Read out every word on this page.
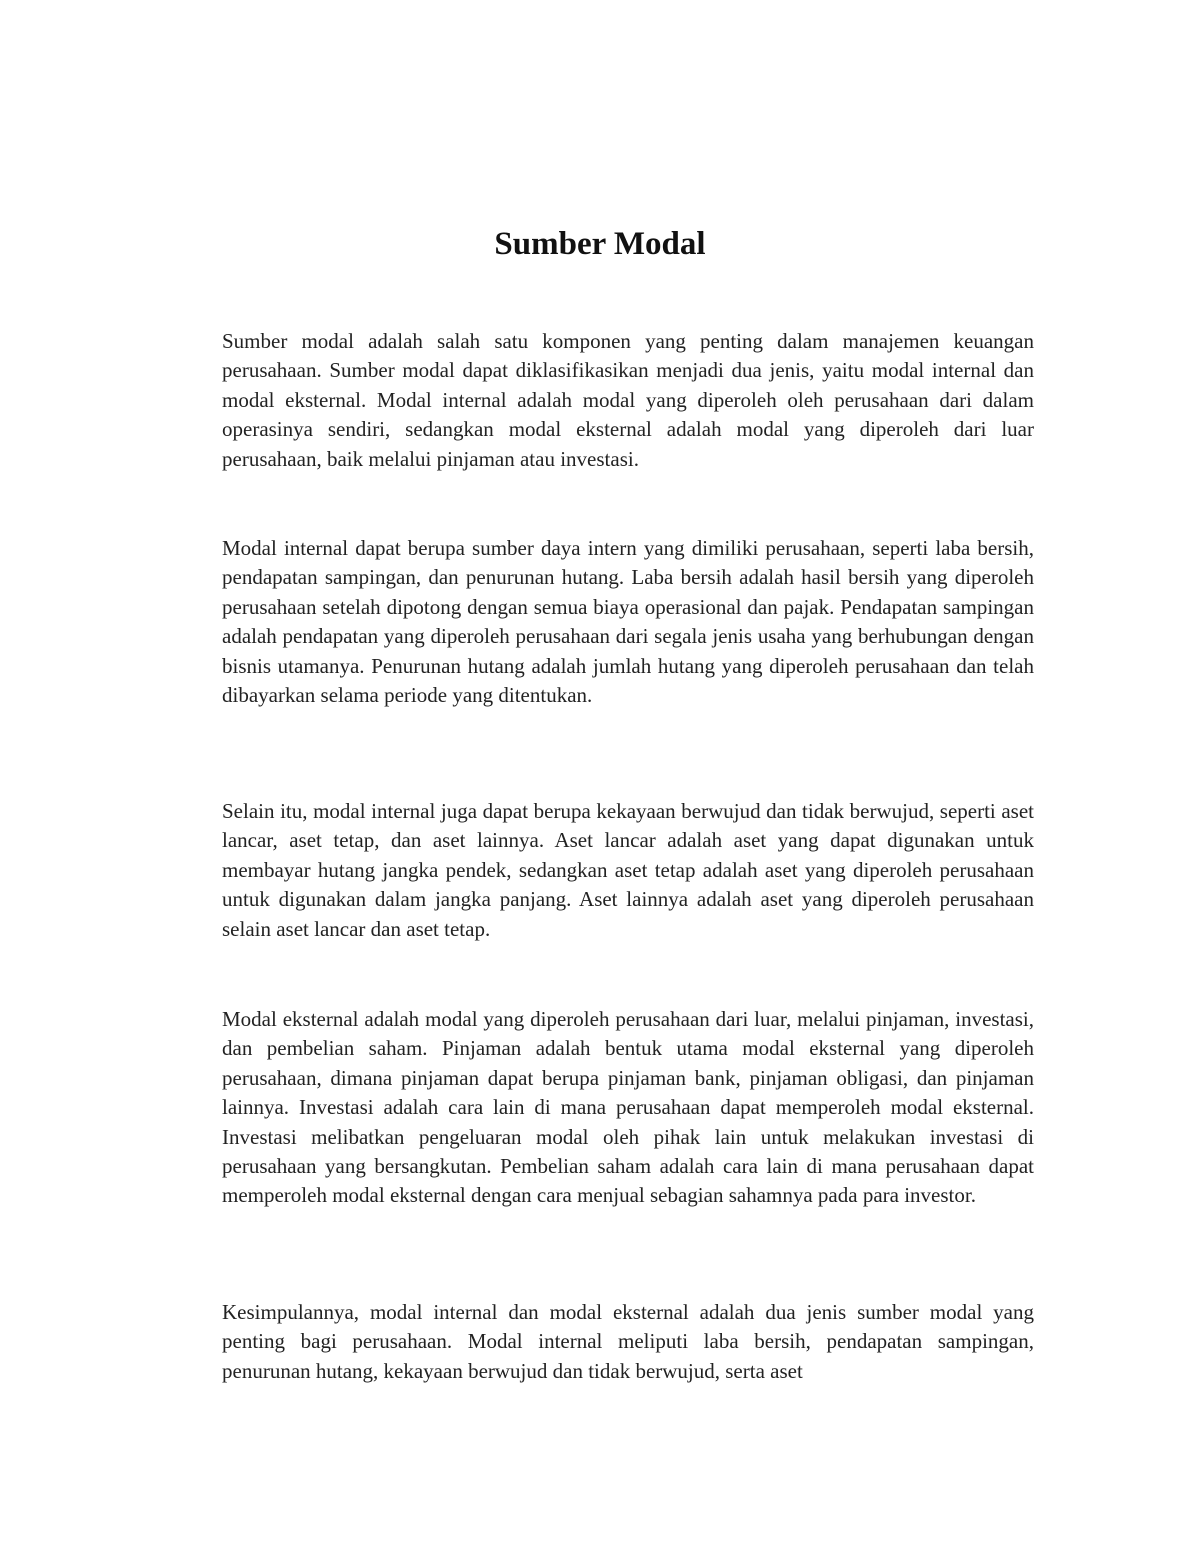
Sumber Modal

Sumber modal adalah salah satu komponen yang penting dalam manajemen keuangan perusahaan. Sumber modal dapat diklasifikasikan menjadi dua jenis, yaitu modal internal dan modal eksternal. Modal internal adalah modal yang diperoleh oleh perusahaan dari dalam operasinya sendiri, sedangkan modal eksternal adalah modal yang diperoleh dari luar perusahaan, baik melalui pinjaman atau investasi.

Modal internal dapat berupa sumber daya intern yang dimiliki perusahaan, seperti laba bersih, pendapatan sampingan, dan penurunan hutang. Laba bersih adalah hasil bersih yang diperoleh perusahaan setelah dipotong dengan semua biaya operasional dan pajak. Pendapatan sampingan adalah pendapatan yang diperoleh perusahaan dari segala jenis usaha yang berhubungan dengan bisnis utamanya. Penurunan hutang adalah jumlah hutang yang diperoleh perusahaan dan telah dibayarkan selama periode yang ditentukan.

Selain itu, modal internal juga dapat berupa kekayaan berwujud dan tidak berwujud, seperti aset lancar, aset tetap, dan aset lainnya. Aset lancar adalah aset yang dapat digunakan untuk membayar hutang jangka pendek, sedangkan aset tetap adalah aset yang diperoleh perusahaan untuk digunakan dalam jangka panjang. Aset lainnya adalah aset yang diperoleh perusahaan selain aset lancar dan aset tetap.

Modal eksternal adalah modal yang diperoleh perusahaan dari luar, melalui pinjaman, investasi, dan pembelian saham. Pinjaman adalah bentuk utama modal eksternal yang diperoleh perusahaan, dimana pinjaman dapat berupa pinjaman bank, pinjaman obligasi, dan pinjaman lainnya. Investasi adalah cara lain di mana perusahaan dapat memperoleh modal eksternal. Investasi melibatkan pengeluaran modal oleh pihak lain untuk melakukan investasi di perusahaan yang bersangkutan. Pembelian saham adalah cara lain di mana perusahaan dapat memperoleh modal eksternal dengan cara menjual sebagian sahamnya pada para investor.

Kesimpulannya, modal internal dan modal eksternal adalah dua jenis sumber modal yang penting bagi perusahaan. Modal internal meliputi laba bersih, pendapatan sampingan, penurunan hutang, kekayaan berwujud dan tidak berwujud, serta aset
